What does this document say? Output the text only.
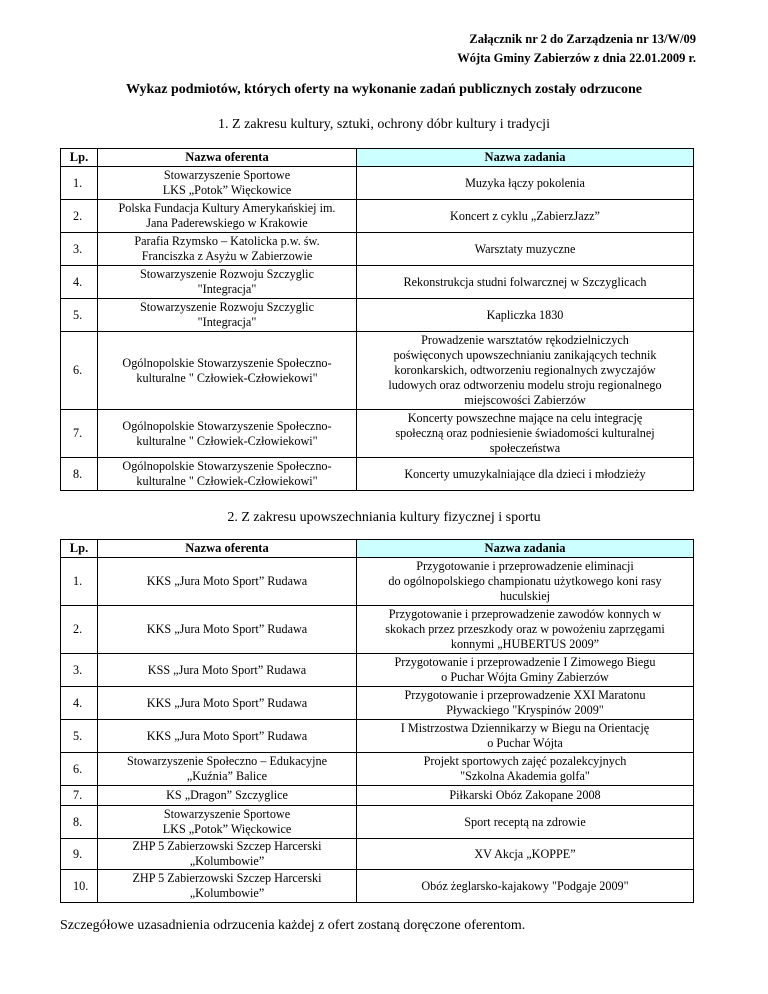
Załącznik nr 2 do Zarządzenia nr 13/W/09
Wójta Gminy Zabierzów z dnia 22.01.2009 r.
Wykaz podmiotów, których oferty na wykonanie zadań publicznych zostały odrzucone
1. Z zakresu kultury, sztuki, ochrony dóbr kultury i tradycji
Lp.	Nazwa oferenta	Nazwa zadania
1.	Stowarzyszenie Sportowe
LKS „Potok” Więckowice	Muzyka łączy pokolenia
2.	Polska Fundacja Kultury Amerykańskiej im.
Jana Paderewskiego w Krakowie	Koncert z cyklu „ZabierzJazz”
3.	Parafia Rzymsko – Katolicka p.w. św.
Franciszka z Asyżu w Zabierzowie	Warsztaty muzyczne
4.	Stowarzyszenie Rozwoju Szczyglic
"Integracja"	Rekonstrukcja studni folwarcznej w Szczyglicach
5.	Stowarzyszenie Rozwoju Szczyglic
"Integracja"	Kapliczka 1830
6.	Ogólnopolskie Stowarzyszenie Społeczno-
kulturalne " Człowiek-Człowiekowi"	Prowadzenie warsztatów rękodzielniczych
poświęconych upowszechnianiu zanikających technik
koronkarskich, odtworzeniu regionalnych zwyczajów
ludowych oraz odtworzeniu modelu stroju regionalnego
miejscowości Zabierzów
7.	Ogólnopolskie Stowarzyszenie Społeczno-
kulturalne " Człowiek-Człowiekowi"	Koncerty powszechne mające na celu integrację
społeczną oraz podniesienie świadomości kulturalnej
społeczeństwa
8.	Ogólnopolskie Stowarzyszenie Społeczno-
kulturalne " Człowiek-Człowiekowi"	Koncerty umuzykalniające dla dzieci i młodzieży
2. Z zakresu upowszechniania kultury fizycznej i sportu
Lp.	Nazwa oferenta	Nazwa zadania
1.	KKS „Jura Moto Sport” Rudawa	Przygotowanie i przeprowadzenie eliminacji
do ogólnopolskiego championatu użytkowego koni rasy
huculskiej
2.	KKS „Jura Moto Sport” Rudawa	Przygotowanie i przeprowadzenie zawodów konnych w
skokach przez przeszkody oraz w powożeniu zaprzęgami
konnymi „HUBERTUS 2009”
3.	KSS „Jura Moto Sport” Rudawa	Przygotowanie i przeprowadzenie I Zimowego Biegu
o Puchar Wójta Gminy Zabierzów
4.	KKS „Jura Moto Sport” Rudawa	Przygotowanie i przeprowadzenie XXI Maratonu
Pływackiego "Kryspinów 2009"
5.	KKS „Jura Moto Sport” Rudawa	I Mistrzostwa Dziennikarzy w Biegu na Orientację
o Puchar Wójta
6.	Stowarzyszenie Społeczno – Edukacyjne
„Kuźnia” Balice	Projekt sportowych zajęć pozalekcyjnych
"Szkolna Akademia golfa"
7.	KS „Dragon” Szczyglice	Piłkarski Obóz Zakopane 2008
8.	Stowarzyszenie Sportowe
LKS „Potok” Więckowice	Sport receptą na zdrowie
9.	ZHP 5 Zabierzowski Szczep Harcerski
„Kolumbowie”	XV Akcja „KOPPE”
10.	ZHP 5 Zabierzowski Szczep Harcerski
„Kolumbowie”	Obóz żeglarsko-kajakowy "Podgaje 2009"
Szczegółowe uzasadnienia odrzucenia każdej z ofert zostaną doręczone oferentom.
